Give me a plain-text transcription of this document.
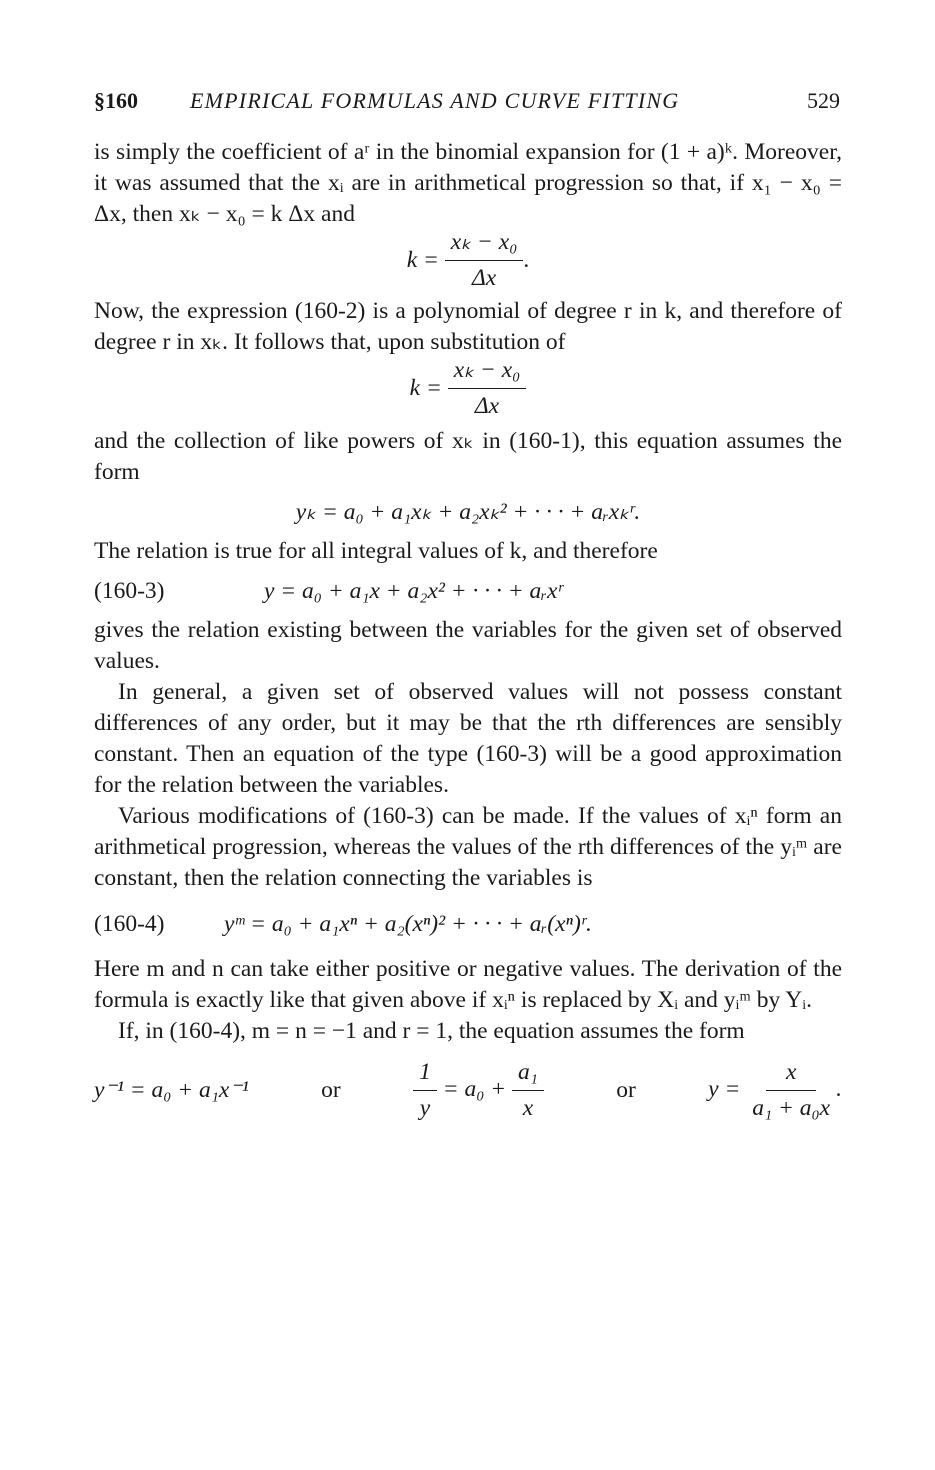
§160 EMPIRICAL FORMULAS AND CURVE FITTING	529

is simply the coefficient of aʳ in the binomial expansion for (1 + a)ᵏ. Moreover, it was assumed that the xᵢ are in arithmetical progression so that, if x₁ − x₀ = Δx, then xₖ − x₀ = k Δx and

k =
$\frac{\text{xₖ − x₀}}{\Delta x}$ .

Now, the expression (160-2) is a polynomial of degree r in k, and therefore of degree r in xₖ. It follows that, upon substitution of

k =
$\frac{\text{xₖ − x₀}}{\Delta x}$

and the collection of like powers of xₖ in (160-1), this equation assumes the form

yₖ = a₀ + a₁xₖ + a₂xₖ² + · · · + aᵣxₖʳ.

The relation is true for all integral values of k, and therefore

(160-3)	y = a₀ + a₁x + a₂x² + · · · + aᵣxʳ

gives the relation existing between the variables for the given set of observed values.

In general, a given set of observed values will not possess constant differences of any order, but it may be that the rth differences are sensibly constant. Then an equation of the type (160-3) will be a good approximation for the relation between the variables.

Various modifications of (160-3) can be made. If the values of xᵢⁿ form an arithmetical progression, whereas the values of the rth differences of the yᵢᵐ are constant, then the relation connecting the variables is

(160-4)	yᵐ = a₀ + a₁xⁿ + a₂(xⁿ)² + · · · + aᵣ(xⁿ)ʳ.

Here m and n can take either positive or negative values. The derivation of the formula is exactly like that given above if xᵢⁿ is replaced by Xᵢ and yᵢᵐ by Yᵢ.

If, in (160-4), m = n = −1 and r = 1, the equation assumes the form

y⁻¹ = a₀ + a₁x⁻¹	or	$\frac{1}{y} = a_0 + \frac{\text{a₁}}{x}$	or	$y = \frac{x}{\text{a₁ + a₀x}}$ .
